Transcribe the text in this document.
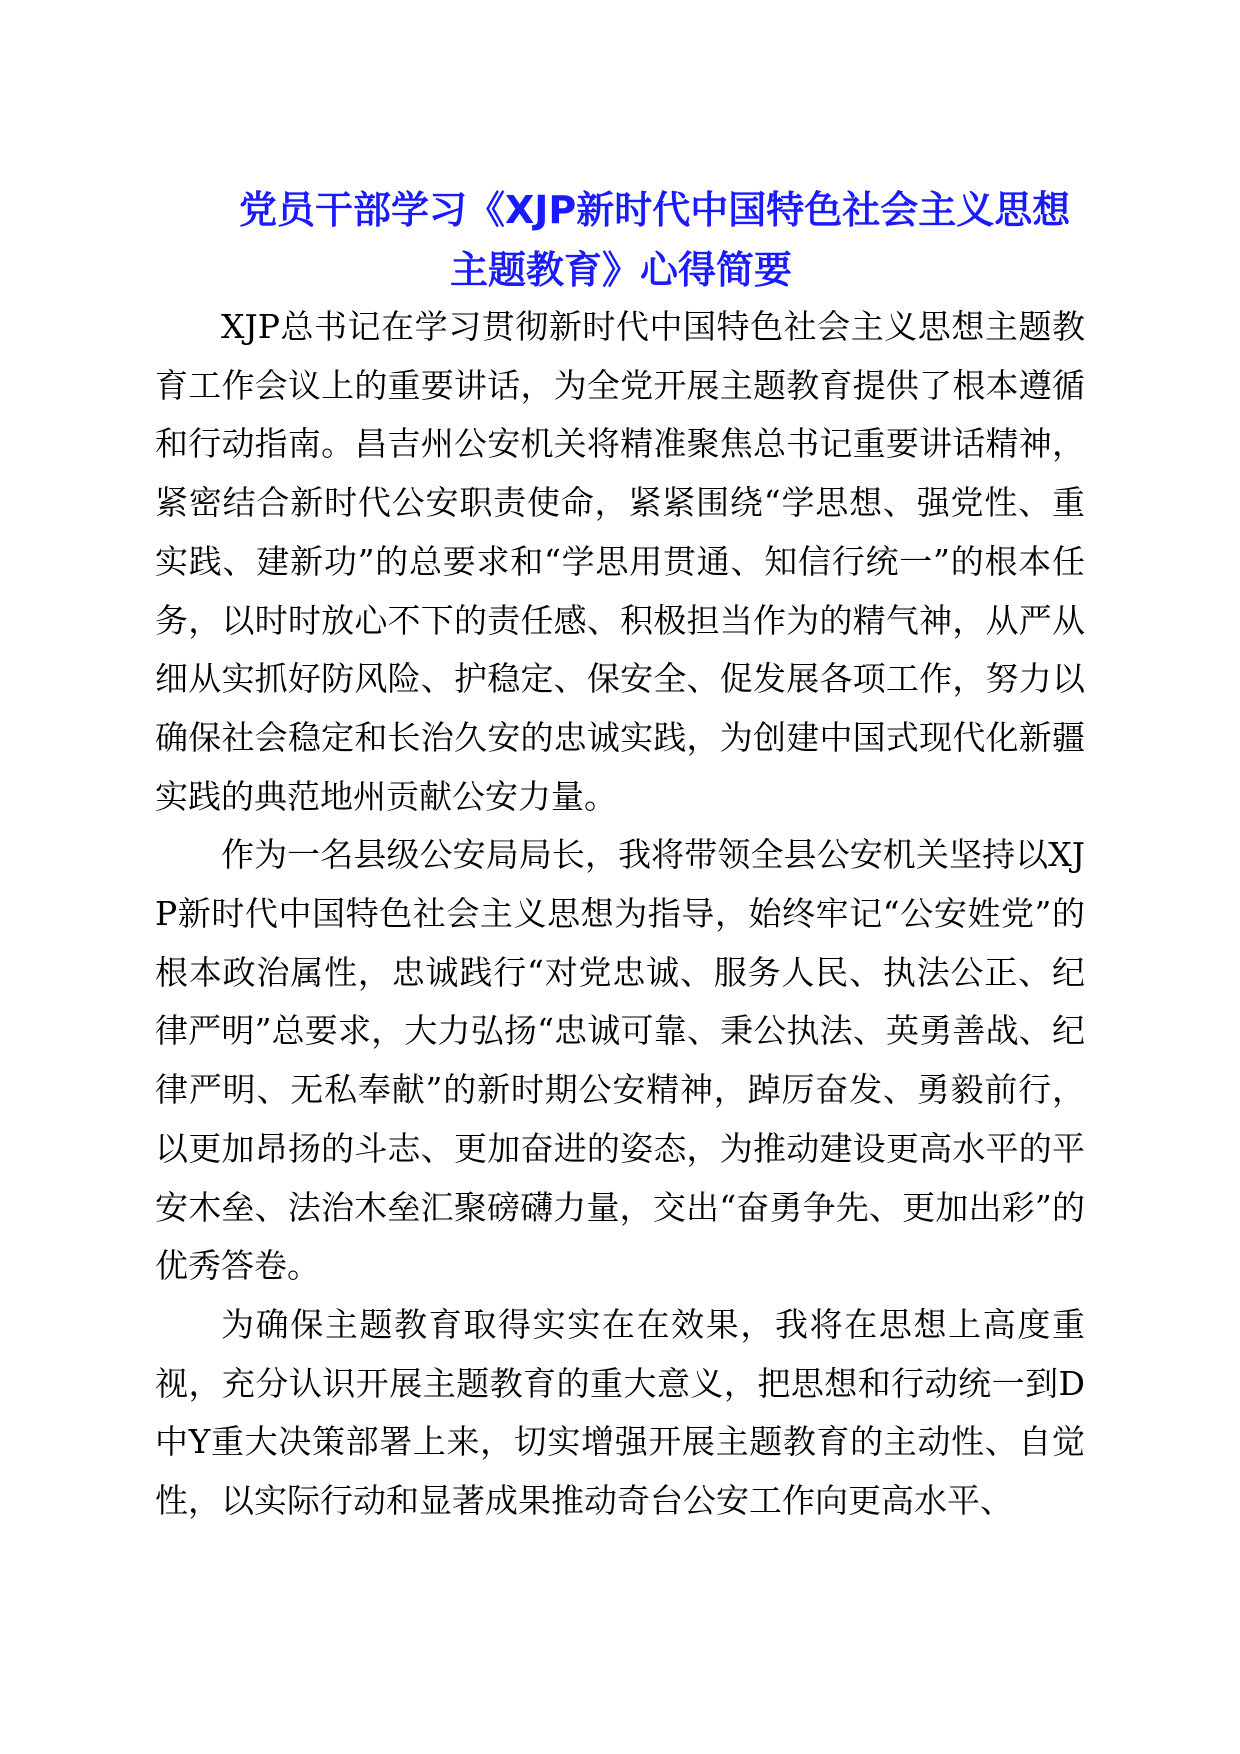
党员干部学习《XJP新时代中国特色社会主义思想
主题教育》心得简要

XJP总书记在学习贯彻新时代中国特色社会主义思想主题教育工作会议上的重要讲话，为全党开展主题教育提供了根本遵循和行动指南。昌吉州公安机关将精准聚焦总书记重要讲话精神，紧密结合新时代公安职责使命，紧紧围绕“学思想、强党性、重实践、建新功”的总要求和“学思用贯通、知信行统一”的根本任务，以时时放心不下的责任感、积极担当作为的精气神，从严从细从实抓好防风险、护稳定、保安全、促发展各项工作，努力以确保社会稳定和长治久安的忠诚实践，为创建中国式现代化新疆实践的典范地州贡献公安力量。

作为一名县级公安局局长，我将带领全县公安机关坚持以XJP新时代中国特色社会主义思想为指导，始终牢记“公安姓党”的根本政治属性，忠诚践行“对党忠诚、服务人民、执法公正、纪律严明”总要求，大力弘扬“忠诚可靠、秉公执法、英勇善战、纪律严明、无私奉献”的新时期公安精神，踔厉奋发、勇毅前行，以更加昂扬的斗志、更加奋进的姿态，为推动建设更高水平的平安木垒、法治木垒汇聚磅礴力量，交出“奋勇争先、更加出彩”的优秀答卷。

为确保主题教育取得实实在在效果，我将在思想上高度重视，充分认识开展主题教育的重大意义，把思想和行动统一到D中Y重大决策部署上来，切实增强开展主题教育的主动性、自觉性，以实际行动和显著成果推动奇台公安工作向更高水平、
